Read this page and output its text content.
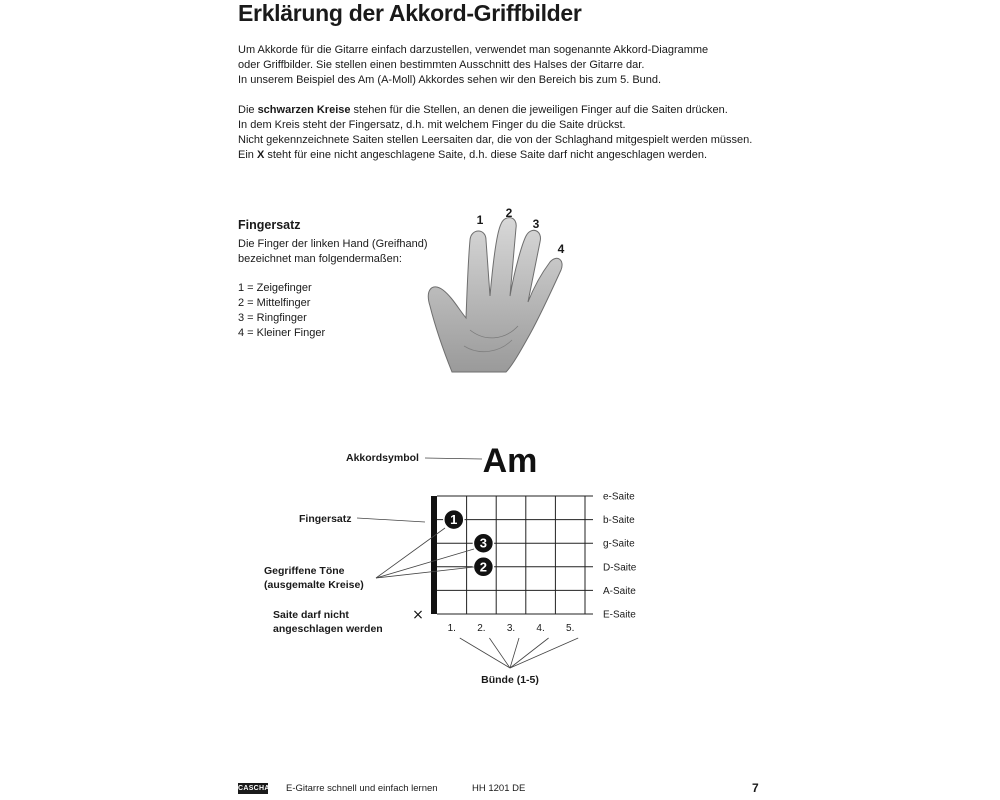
Erklärung der Akkord-Griffbilder
Um Akkorde für die Gitarre einfach darzustellen, verwendet man sogenannte Akkord-Diagramme
oder Griffbilder. Sie stellen einen bestimmten Ausschnitt des Halses der Gitarre dar.
In unserem Beispiel des Am (A-Moll) Akkordes sehen wir den Bereich bis zum 5. Bund.
Die schwarzen Kreise stehen für die Stellen, an denen die jeweiligen Finger auf die Saiten drücken.
In dem Kreis steht der Fingersatz, d.h. mit welchem Finger du die Saite drückst.
Nicht gekennzeichnete Saiten stellen Leersaiten dar, die von der Schlaghand mitgespielt werden müssen.
Ein X steht für eine nicht angeschlagene Saite, d.h. diese Saite darf nicht angeschlagen werden.
Fingersatz
Die Finger der linken Hand (Greifhand)
bezeichnet man folgendermaßen:
1 = Zeigefinger
2 = Mittelfinger
3 = Ringfinger
4 = Kleiner Finger
1 2
3
4
Am
Akkordsymbol
e-Saite
b-Saite
g-Saite
D-Saite
A-Saite
E-Saite
1. 2. 3. 4. 5.
1
3
2
Fingersatz
Gegriffene Töne
(ausgemalte Kreise)
Saite darf nicht
angeschlagen werden
×
Bünde (1-5)
CASCHA E-Gitarre schnell und einfach lernen	HH 1201 DE	7
